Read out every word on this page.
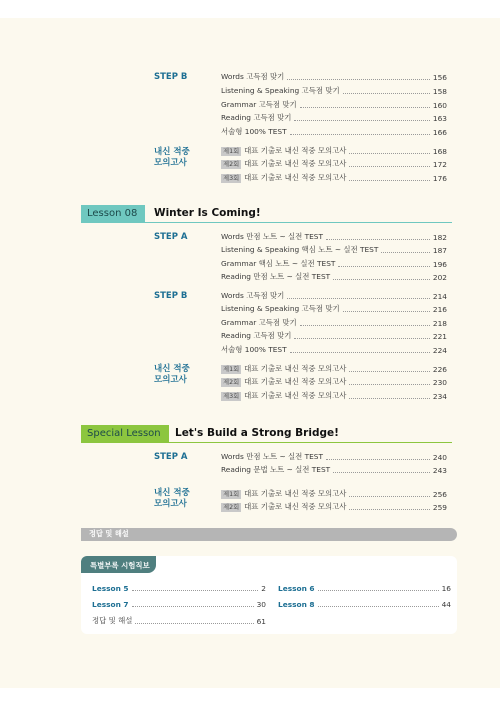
STEP B	Words 고득점 맞기	156
Listening & Speaking 고득점 맞기	158
Grammar 고득점 맞기	160
Reading 고득점 맞기	163
서술형 100% TEST	166
내신 적중
모의고사
제1회 대표 기출로 내신 적중 모의고사	168
제2회 대표 기출로 내신 적중 모의고사	172
제3회 대표 기출로 내신 적중 모의고사	176
Lesson 08	Winter Is Coming!
STEP A	Words 만점 노트 ~ 실전 TEST	182
Listening & Speaking 핵심 노트 ~ 실전 TEST	187
Grammar 핵심 노트 ~ 실전 TEST	196
Reading 만점 노트 ~ 실전 TEST	202
STEP B	Words 고득점 맞기	214
Listening & Speaking 고득점 맞기	216
Grammar 고득점 맞기	218
Reading 고득점 맞기	221
서술형 100% TEST	224
내신 적중
모의고사
제1회 대표 기출로 내신 적중 모의고사	226
제2회 대표 기출로 내신 적중 모의고사	230
제3회 대표 기출로 내신 적중 모의고사	234
Special Lesson	Let's Build a Strong Bridge!
STEP A	Words 만점 노트 ~ 실전 TEST	240
Reading 문법 노트 ~ 실전 TEST	243
내신 적중
모의고사
제1회 대표 기출로 내신 적중 모의고사	256
제2회 대표 기출로 내신 적중 모의고사	259
정답 및 해설
특별부록 시험직보
Lesson 5	2
Lesson 7	30
정답 및 해설	61
Lesson 6	16
Lesson 8	44
